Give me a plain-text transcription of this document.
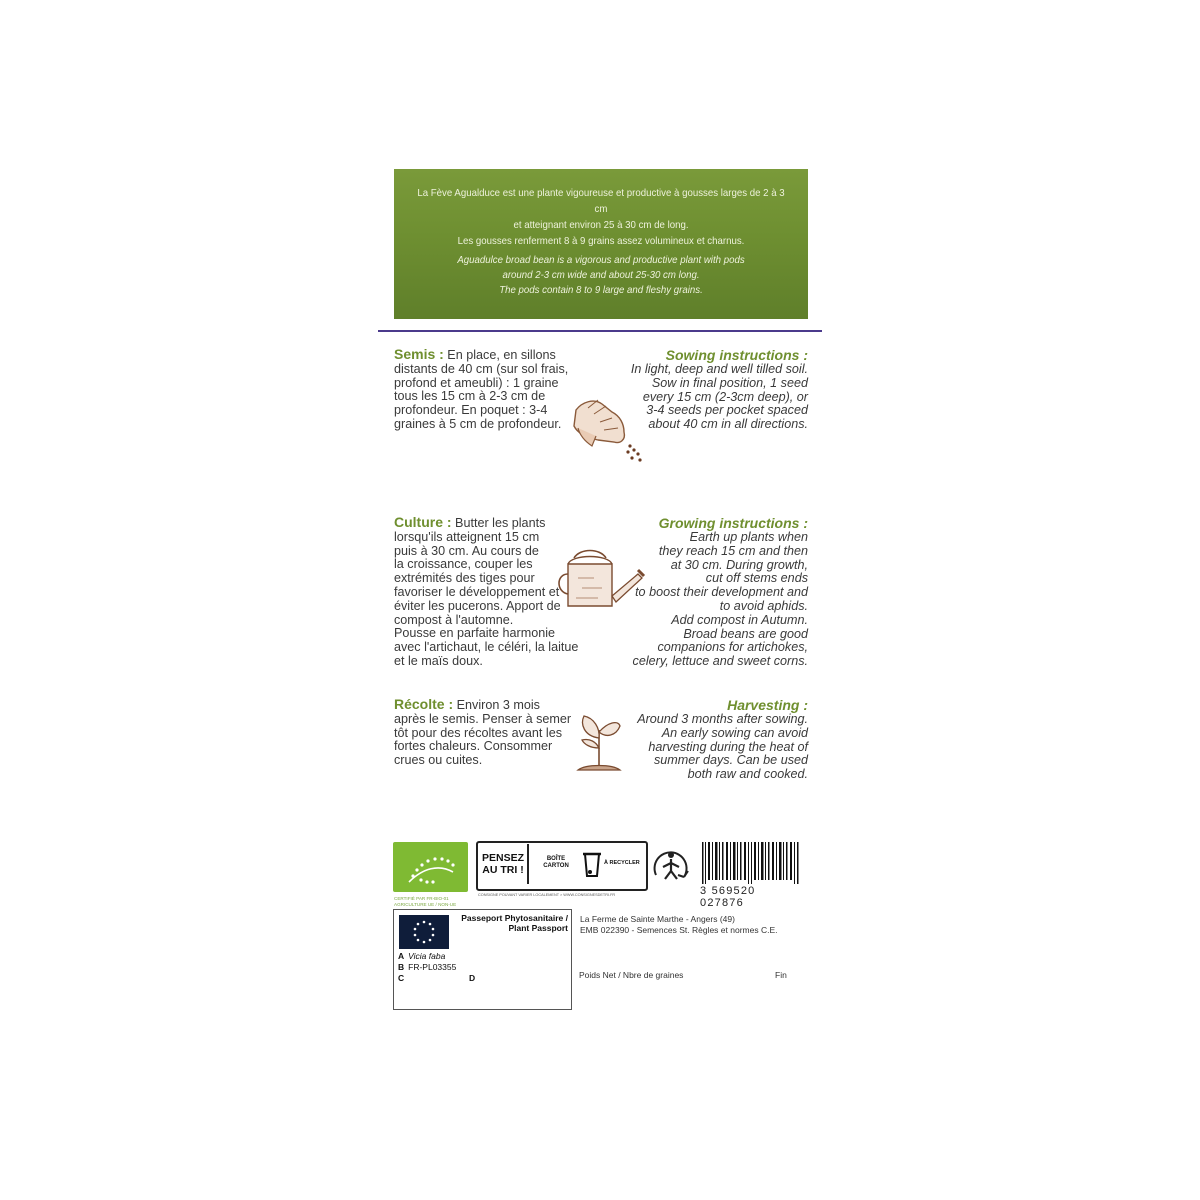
La Fève Agualduce est une plante vigoureuse et productive à gousses larges de 2 à 3 cm
et atteignant environ 25 à 30 cm de long.
Les gousses renferment 8 à 9 grains assez volumineux et charnus.
Aguadulce broad bean is a vigorous and productive plant with pods
around 2-3 cm wide and about 25-30 cm long.
The pods contain 8 to 9 large and fleshy grains.
Semis : En place, en sillons
distants de 40 cm (sur sol frais,
profond et ameubli) : 1 graine
tous les 15 cm à 2-3 cm de
profondeur. En poquet : 3-4
graines à 5 cm de profondeur.
Sowing instructions :
In light, deep and well tilled soil.
Sow in final position, 1 seed
every 15 cm (2-3cm deep), or
3-4 seeds per pocket spaced
about 40 cm in all directions.
Culture : Butter les plants
lorsqu'ils atteignent 15 cm
puis à 30 cm. Au cours de
la croissance, couper les
extrémités des tiges pour
favoriser le développement et
éviter les pucerons. Apport de
compost à l'automne.
Pousse en parfaite harmonie
avec l'artichaut, le céléri, la laitue
et le maïs doux.
Growing instructions :
Earth up plants when
they reach 15 cm and then
at 30 cm. During growth,
cut off stems ends
to boost their development and
to avoid aphids.
Add compost in Autumn.
Broad beans are good
companions for artichokes,
celery, lettuce and sweet corns.
Récolte : Environ 3 mois
après le semis. Penser à semer
tôt pour des récoltes avant les
fortes chaleurs. Consommer
crues ou cuites.
Harvesting :
Around 3 months after sowing.
An early sowing can avoid
harvesting during the heat of
summer days. Can be used
both raw and cooked.
CERTIFIÉ PAR FR-BIO-01
AGRICULTURE UE / NON-UE
PENSEZ AU TRI !
BOÎTE CARTON	À RECYCLER
CONSIGNE POUVANT VARIER LOCALEMENT > WWW.CONSIGNESDETRI.FR	3 569520 027876
Passeport Phytosanitaire / Plant Passport
A Vicia faba
B FR-PL03355
C	D
La Ferme de Sainte Marthe - Angers (49)
EMB 022390 - Semences St. Règles et normes C.E.
Poids Net / Nbre de graines	Fin
